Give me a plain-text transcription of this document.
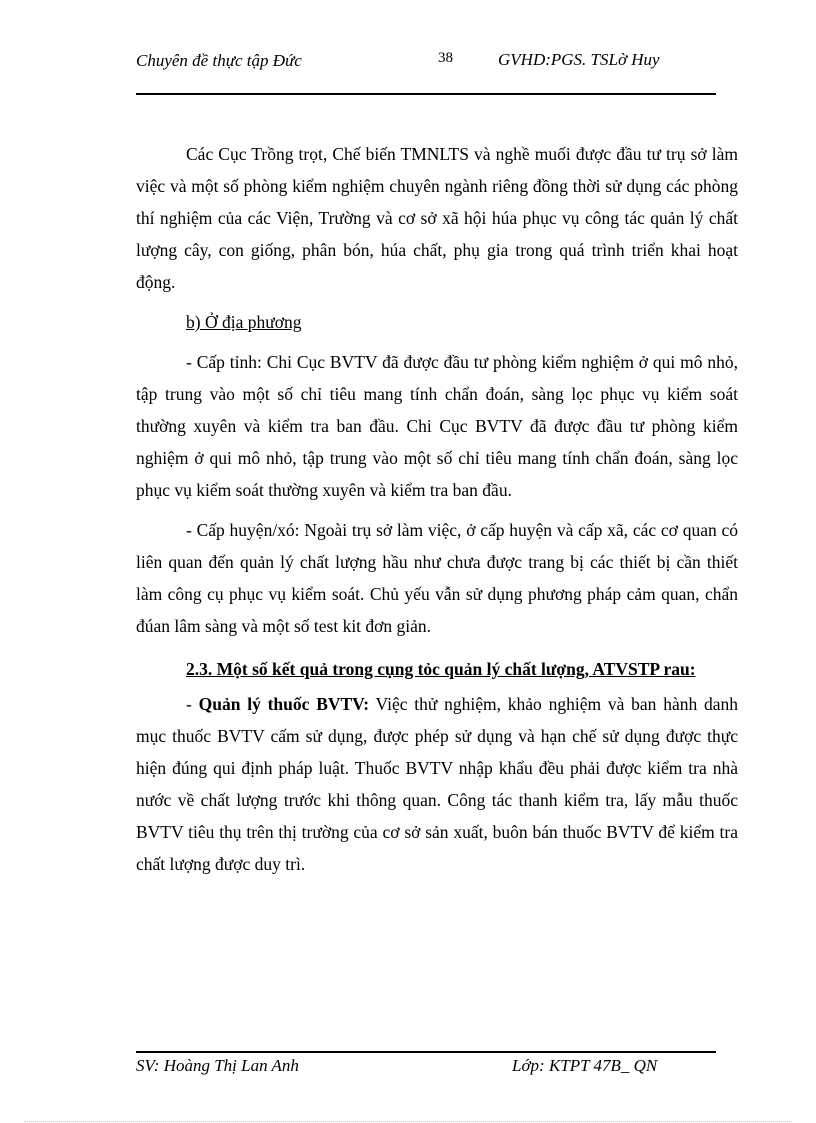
Chuyên đề thực tập Đức	38	GVHD:PGS. TSLờ Huy

Các Cục Trồng trọt, Chế biến TMNLTS và nghề muối được đầu tư trụ sở làm việc và một số phòng kiểm nghiệm chuyên ngành riêng đồng thời sử dụng các phòng thí nghiệm của các Viện, Trường và cơ sở xã hội húa phục vụ công tác quản lý chất lượng cây, con giống, phân bón, húa chất, phụ gia trong quá trình triển khai hoạt động.

b) Ở địa phương

- Cấp tỉnh: Chi Cục BVTV đã được đầu tư phòng kiểm nghiệm ở qui mô nhỏ, tập trung vào một số chỉ tiêu mang tính chẩn đoán, sàng lọc phục vụ kiểm soát thường xuyên và kiểm tra ban đầu. Chi Cục BVTV đã được đầu tư phòng kiểm nghiệm ở qui mô nhỏ, tập trung vào một số chỉ tiêu mang tính chẩn đoán, sàng lọc phục vụ kiểm soát thường xuyên và kiểm tra ban đầu.

- Cấp huyện/xó: Ngoài trụ sở làm việc, ở cấp huyện và cấp xã, các cơ quan có liên quan đến quản lý chất lượng hầu như chưa được trang bị các thiết bị cần thiết làm công cụ phục vụ kiểm soát. Chủ yếu vẫn sử dụng phương pháp cảm quan, chẩn đúan lâm sàng và một số test kit đơn giản.

2.3. Một số kết quả trong cụng tỏc quản lý chất lượng, ATVSTP rau:

- Quản lý thuốc BVTV: Việc thử nghiệm, khảo nghiệm và ban hành danh mục thuốc BVTV cấm sử dụng, được phép sử dụng và hạn chế sử dụng được thực hiện đúng qui định pháp luật. Thuốc BVTV nhập khẩu đều phải được kiểm tra nhà nước về chất lượng trước khi thông quan. Công tác thanh kiểm tra, lấy mẫu thuốc BVTV tiêu thụ trên thị trường của cơ sở sản xuất, buôn bán thuốc BVTV để kiểm tra chất lượng được duy trì.

SV: Hoàng Thị Lan Anh	Lớp: KTPT 47B_ QN
